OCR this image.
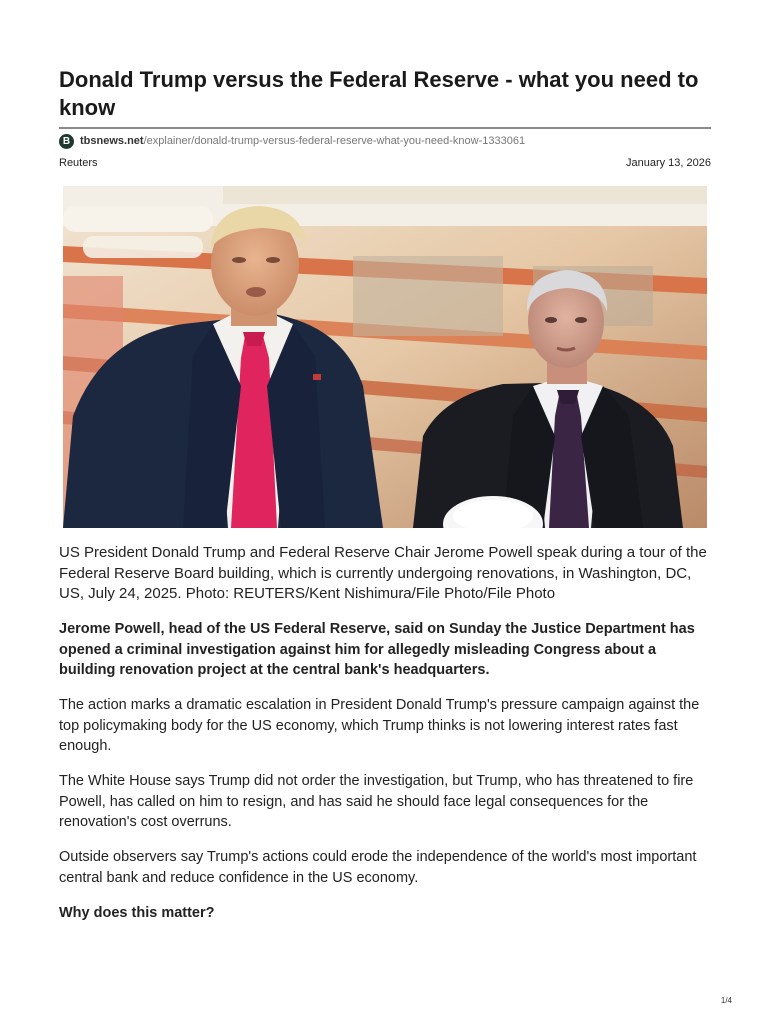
Donald Trump versus the Federal Reserve - what you need to know
B tbsnews.net/explainer/donald-trump-versus-federal-reserve-what-you-need-know-1333061
Reuters	January 13, 2026

US President Donald Trump and Federal Reserve Chair Jerome Powell speak during a tour of the Federal Reserve Board building, which is currently undergoing renovations, in Washington, DC, US, July 24, 2025. Photo: REUTERS/Kent Nishimura/File Photo/File Photo

Jerome Powell, head of the US Federal Reserve, said on Sunday the Justice Department has opened a criminal investigation against him for allegedly misleading Congress about a building renovation project at the central bank's headquarters.

The action marks a dramatic escalation in President Donald Trump's pressure campaign against the top policymaking body for the US economy, which Trump thinks is not lowering interest rates fast enough.

The White House says Trump did not order the investigation, but Trump, who has threatened to fire Powell, has called on him to resign, and has said he should face legal consequences for the renovation's cost overruns.

Outside observers say Trump's actions could erode the independence of the world's most important central bank and reduce confidence in the US economy.

Why does this matter?

1/4
